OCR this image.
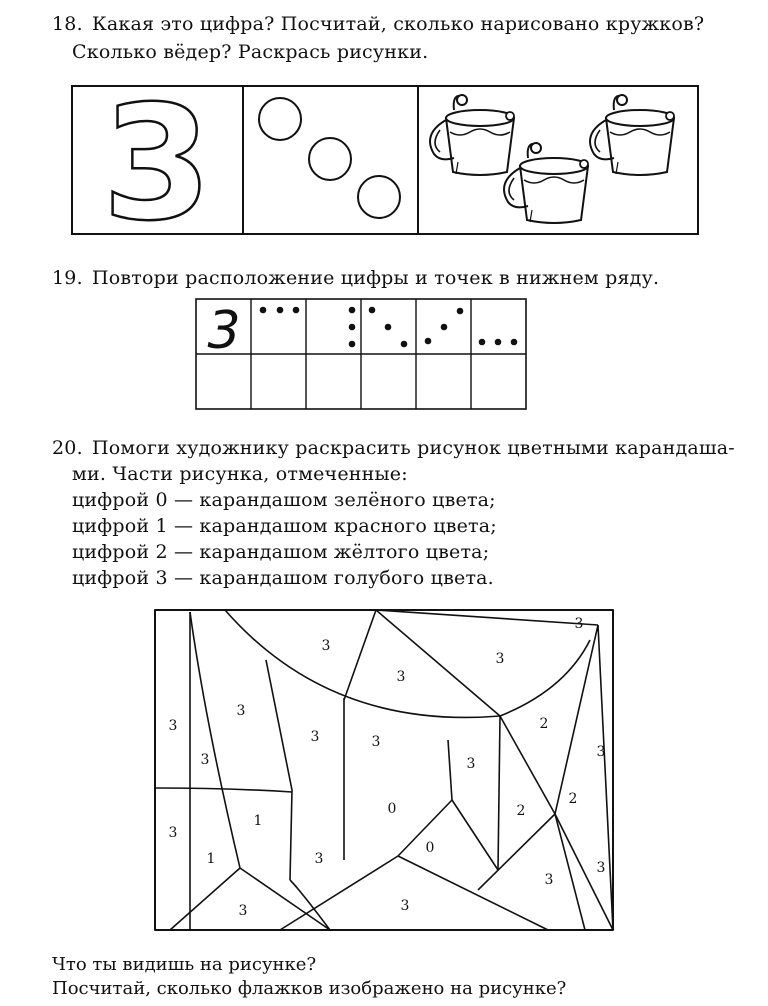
18. Какая это цифра? Посчитай, сколько нарисовано кружков?
Сколько вёдер? Раскрась рисунки.
3
19. Повтори расположение цифры и точек в нижнем ряду.
3
20. Помоги художнику раскрасить рисунок цветными карандаша-
ми. Части рисунка, отмеченные:
цифрой 0 — карандашом зелёного цвета;
цифрой 1 — карандашом красного цвета;
цифрой 2 — карандашом жёлтого цвета;
цифрой 3 — карандашом голубого цвета.
3
3
3
3
3
3
3	3
2
3
3	3
2
2
3
1
0
3
1
0
3
3
3	3
Что ты видишь на рисунке?
Посчитай, сколько флажков изображено на рисунке?
